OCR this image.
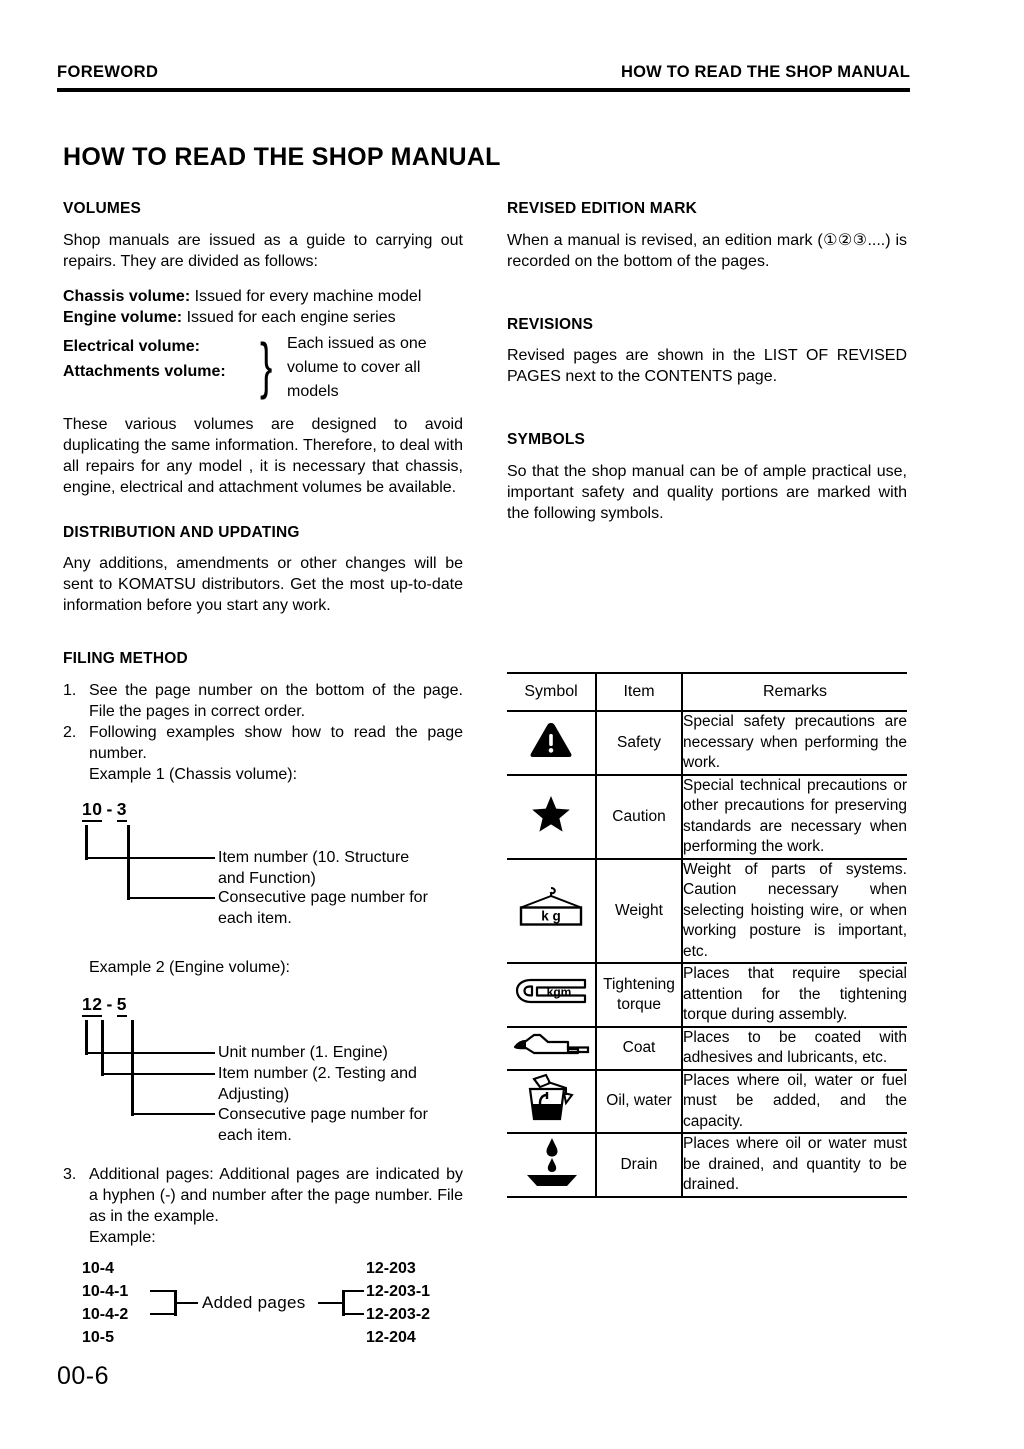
FOREWORD	HOW TO READ THE SHOP MANUAL
HOW TO READ THE SHOP MANUAL
VOLUMES

Shop manuals are issued as a guide to carrying out repairs. They are divided as follows:

Chassis volume: Issued for every machine model
Engine volume: Issued for each engine series
Electrical volume:
Attachments volume: } Each issued as one volume to cover all models

These various volumes are designed to avoid duplicating the same information. Therefore, to deal with all repairs for any model , it is necessary that chassis, engine, electrical and attachment volumes be available.

DISTRIBUTION AND UPDATING

Any additions, amendments or other changes will be sent to KOMATSU distributors. Get the most up-to-date information before you start any work.

FILING METHOD
1. See the page number on the bottom of the page. File the pages in correct order.
2. Following examples show how to read the page number.
Example 1 (Chassis volume):
10 - 3
Item number (10. Structure
and Function)
Consecutive page number for
each item.
Example 2 (Engine volume):
12 - 5
Unit number (1. Engine)
Item number (2. Testing and
Adjusting)
Consecutive page number for
each item.
3. Additional pages: Additional pages are indicated by a hyphen (-) and number after the page number. File as in the example.
Example:
10-4
10-4-1
10-4-2
10-5
Added pages
12-203
12-203-1
12-203-2
12-204
REVISED EDITION MARK

When a manual is revised, an edition mark (①②③....) is recorded on the bottom of the pages.

REVISIONS

Revised pages are shown in the LIST OF REVISED PAGES next to the CONTENTS page.

SYMBOLS

So that the shop manual can be of ample practical use, important safety and quality portions are marked with the following symbols.

Symbol	Item	Remarks

	Safety	Special safety precautions are necessary when performing the work.
	Caution	Special technical precautions or other precautions for preserving standards are necessary when performing the work.

k g	Weight	Weight of parts of systems. Caution necessary when selecting hoisting wire, or when working posture is important, etc.

kgm	Tightening torque	Places that require special attention for the tightening torque during assembly.
	Coat	Places to be coated with adhesives and lubricants, etc.
	Oil, water	Places where oil, water or fuel must be added, and the capacity.
	Drain	Places where oil or water must be drained, and quantity to be drained.
00-6
